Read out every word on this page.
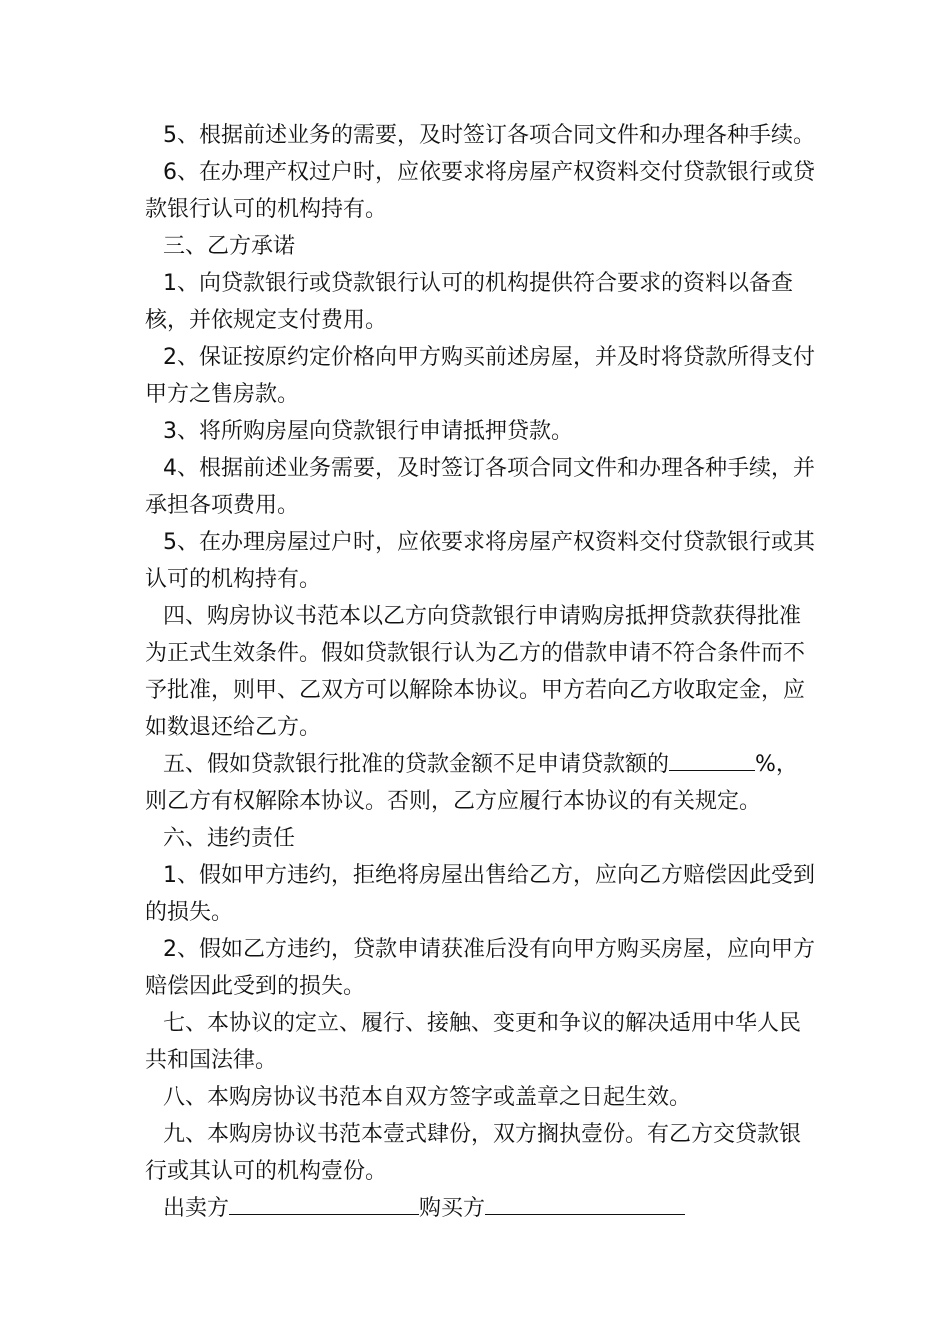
5、根据前述业务的需要，及时签订各项合同文件和办理各种手续。

6、在办理产权过户时，应依要求将房屋产权资料交付贷款银行或贷款银行认可的机构持有。

三、乙方承诺

1、向贷款银行或贷款银行认可的机构提供符合要求的资料以备查核，并依规定支付费用。

2、保证按原约定价格向甲方购买前述房屋，并及时将贷款所得支付甲方之售房款。

3、将所购房屋向贷款银行申请抵押贷款。

4、根据前述业务需要，及时签订各项合同文件和办理各种手续，并承担各项费用。

5、在办理房屋过户时，应依要求将房屋产权资料交付贷款银行或其认可的机构持有。

四、购房协议书范本以乙方向贷款银行申请购房抵押贷款获得批准为正式生效条件。假如贷款银行认为乙方的借款申请不符合条件而不予批准，则甲、乙双方可以解除本协议。甲方若向乙方收取定金，应如数退还给乙方。

五、假如贷款银行批准的贷款金额不足申请贷款额的	%，则乙方有权解除本协议。否则，乙方应履行本协议的有关规定。

六、违约责任

1、假如甲方违约，拒绝将房屋出售给乙方，应向乙方赔偿因此受到的损失。

2、假如乙方违约，贷款申请获准后没有向甲方购买房屋，应向甲方赔偿因此受到的损失。

七、本协议的定立、履行、接触、变更和争议的解决适用中华人民共和国法律。

八、本购房协议书范本自双方签字或盖章之日起生效。

九、本购房协议书范本壹式肆份，双方搁执壹份。有乙方交贷款银行或其认可的机构壹份。

出卖方	购买方
